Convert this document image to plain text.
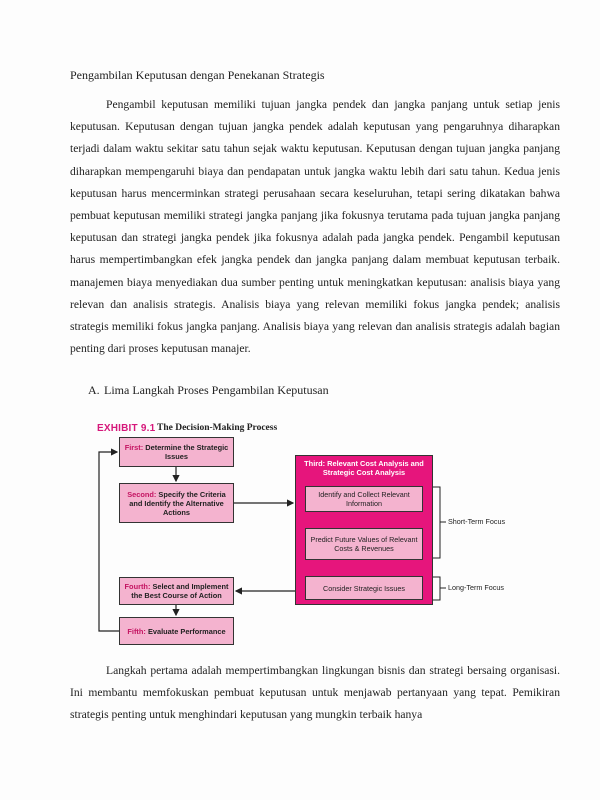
Pengambilan Keputusan dengan Penekanan Strategis
Pengambil keputusan memiliki tujuan jangka pendek dan jangka panjang untuk setiap jenis keputusan. Keputusan dengan tujuan jangka pendek adalah keputusan yang pengaruhnya diharapkan terjadi dalam waktu sekitar satu tahun sejak waktu keputusan. Keputusan dengan tujuan jangka panjang diharapkan mempengaruhi biaya dan pendapatan untuk jangka waktu lebih dari satu tahun. Kedua jenis keputusan harus mencerminkan strategi perusahaan secara keseluruhan, tetapi sering dikatakan bahwa pembuat keputusan memiliki strategi jangka panjang jika fokusnya terutama pada tujuan jangka panjang keputusan dan strategi jangka pendek jika fokusnya adalah pada jangka pendek. Pengambil keputusan harus mempertimbangkan efek jangka pendek dan jangka panjang dalam membuat keputusan terbaik. manajemen biaya menyediakan dua sumber penting untuk meningkatkan keputusan: analisis biaya yang relevan dan analisis strategis. Analisis biaya yang relevan memiliki fokus jangka pendek; analisis strategis memiliki fokus jangka panjang. Analisis biaya yang relevan dan analisis strategis adalah bagian penting dari proses keputusan manajer.
A. Lima Langkah Proses Pengambilan Keputusan
EXHIBIT 9.1 The Decision-Making Process
First: Determine the Strategic Issues
Second: Specify the Criteria and Identify the Alternative Actions
Third: Relevant Cost Analysis and Strategic Cost Analysis
Identify and Collect Relevant Information
Predict Future Values of Relevant Costs & Revenues
Consider Strategic Issues
Fourth: Select and Implement the Best Course of Action
Fifth: Evaluate Performance
Short-Term Focus
Long-Term Focus
Langkah pertama adalah mempertimbangkan lingkungan bisnis dan strategi bersaing organisasi. Ini membantu memfokuskan pembuat keputusan untuk menjawab pertanyaan yang tepat. Pemikiran strategis penting untuk menghindari keputusan yang mungkin terbaik hanya
